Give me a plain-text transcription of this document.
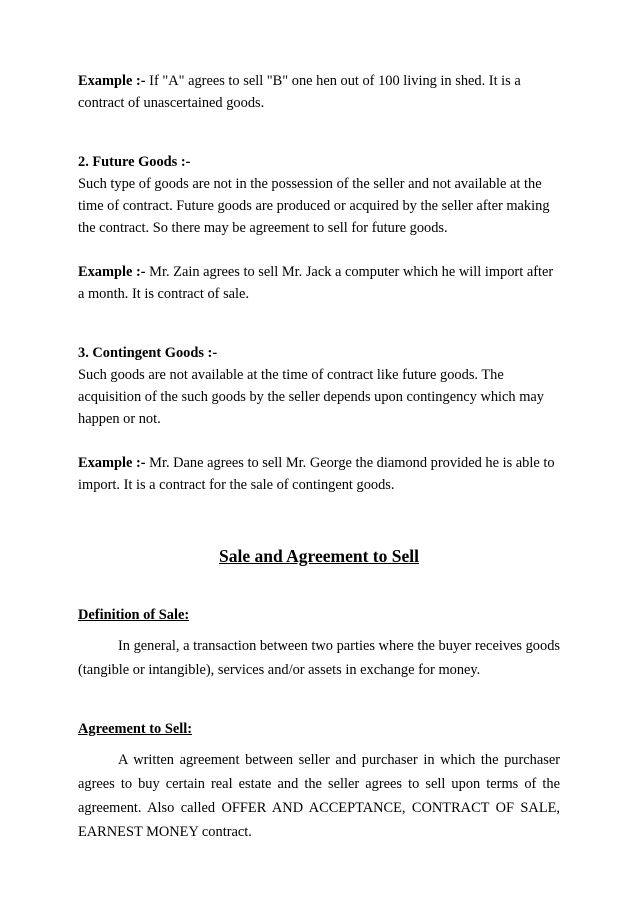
Example :- If "A" agrees to sell "B" one hen out of 100 living in shed. It is a contract of unascertained goods.

2. Future Goods :-

Such type of goods are not in the possession of the seller and not available at the time of contract. Future goods are produced or acquired by the seller after making the contract. So there may be agreement to sell for future goods.

Example :- Mr. Zain agrees to sell Mr. Jack a computer which he will import after a month. It is contract of sale.

3. Contingent Goods :-

Such goods are not available at the time of contract like future goods. The acquisition of the such goods by the seller depends upon contingency which may happen or not.

Example :- Mr. Dane agrees to sell Mr. George the diamond provided he is able to import. It is a contract for the sale of contingent goods.

Sale and Agreement to Sell

Definition of Sale:

In general, a transaction between two parties where the buyer receives goods (tangible or intangible), services and/or assets in exchange for money.

Agreement to Sell:

A written agreement between seller and purchaser in which the purchaser agrees to buy certain real estate and the seller agrees to sell upon terms of the agreement. Also called OFFER AND ACCEPTANCE, CONTRACT OF SALE, EARNEST MONEY contract.
